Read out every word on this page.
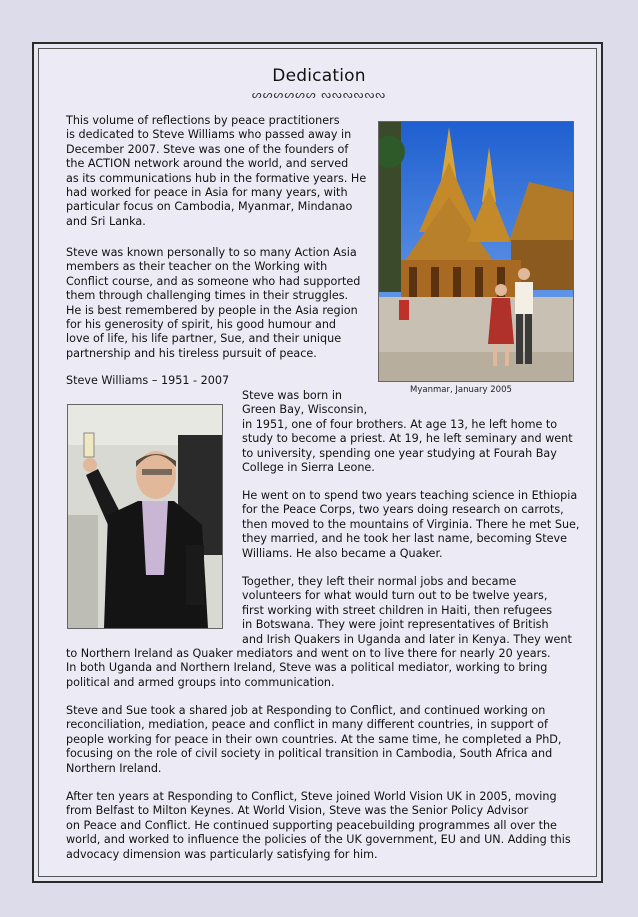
Dedication
ᔕᔕᔕᔕᔕᔕ ᔓᔓᔓᔓᔓᔓ

This volume of reflections by peace practitioners
is dedicated to Steve Williams who passed away in
December 2007. Steve was one of the founders of
the ACTION network around the world, and served
as its communications hub in the formative years. He
had worked for peace in Asia for many years, with
particular focus on Cambodia, Myanmar, Mindanao
and Sri Lanka.

Steve was known personally to so many Action Asia
members as their teacher on the Working with
Conflict course, and as someone who had supported
them through challenging times in their struggles.
He is best remembered by people in the Asia region
for his generosity of spirit, his good humour and
love of life, his life partner, Sue, and their unique
partnership and his tireless pursuit of peace.

Steve Williams – 1951 - 2007

Myanmar, January 2005

Steve was born in
Green Bay, Wisconsin,

in 1951, one of four brothers. At age 13, he left home to
study to become a priest. At 19, he left seminary and went
to university, spending one year studying at Fourah Bay
College in Sierra Leone.

He went on to spend two years teaching science in Ethiopia
for the Peace Corps, two years doing research on carrots,
then moved to the mountains of Virginia. There he met Sue,
they married, and he took her last name, becoming Steve
Williams. He also became a Quaker.

Together, they left their normal jobs and became
volunteers for what would turn out to be twelve years,
first working with street children in Haiti, then refugees
in Botswana. They were joint representatives of British
and Irish Quakers in Uganda and later in Kenya. They went

to Northern Ireland as Quaker mediators and went on to live there for nearly 20 years.
In both Uganda and Northern Ireland, Steve was a political mediator, working to bring
political and armed groups into communication.

Steve and Sue took a shared job at Responding to Conflict, and continued working on
reconciliation, mediation, peace and conflict in many different countries, in support of
people working for peace in their own countries. At the same time, he completed a PhD,
focusing on the role of civil society in political transition in Cambodia, South Africa and
Northern Ireland.

After ten years at Responding to Conflict, Steve joined World Vision UK in 2005, moving
from Belfast to Milton Keynes. At World Vision, Steve was the Senior Policy Advisor
on Peace and Conflict. He continued supporting peacebuilding programmes all over the
world, and worked to influence the policies of the UK government, EU and UN. Adding this
advocacy dimension was particularly satisfying for him.
